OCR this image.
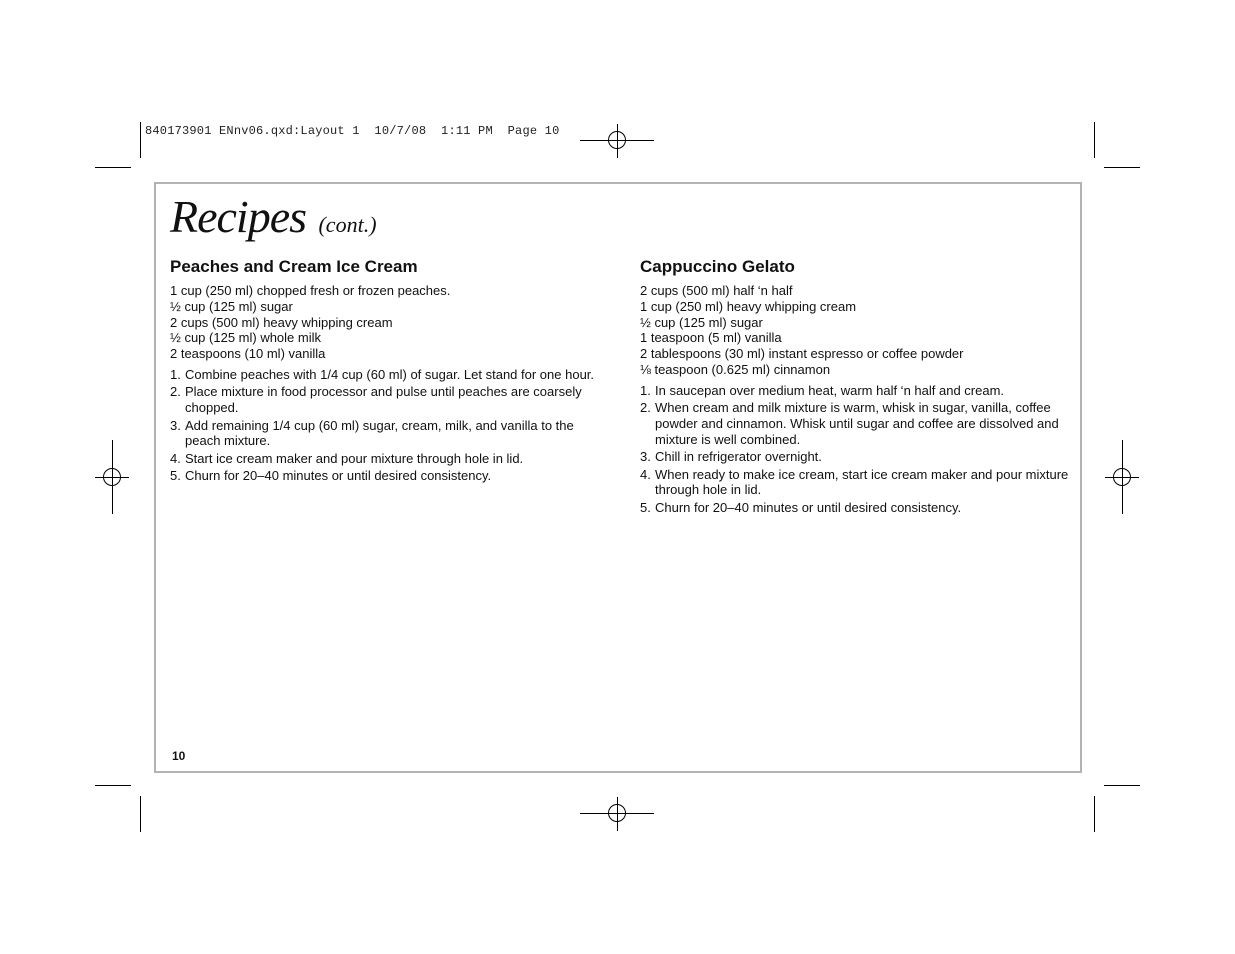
840173901 ENnv06.qxd:Layout 1  10/7/08  1:11 PM  Page 10
Recipes (cont.)
Peaches and Cream Ice Cream
1 cup (250 ml) chopped fresh or frozen peaches.
½ cup (125 ml) sugar
2 cups (500 ml) heavy whipping cream
½ cup (125 ml) whole milk
2 teaspoons (10 ml) vanilla
1. Combine peaches with 1/4 cup (60 ml) of sugar. Let stand for one hour.
2. Place mixture in food processor and pulse until peaches are coarsely chopped.
3. Add remaining 1/4 cup (60 ml) sugar, cream, milk, and vanilla to the peach mixture.
4. Start ice cream maker and pour mixture through hole in lid.
5. Churn for 20–40 minutes or until desired consistency.
Cappuccino Gelato
2 cups (500 ml) half ‘n half
1 cup (250 ml) heavy whipping cream
½ cup (125 ml) sugar
1 teaspoon (5 ml) vanilla
2 tablespoons (30 ml) instant espresso or coffee powder
⅛ teaspoon (0.625 ml) cinnamon
1. In saucepan over medium heat, warm half ‘n half and cream.
2. When cream and milk mixture is warm, whisk in sugar, vanilla, coffee powder and cinnamon. Whisk until sugar and coffee are dissolved and mixture is well combined.
3. Chill in refrigerator overnight.
4. When ready to make ice cream, start ice cream maker and pour mixture through hole in lid.
5. Churn for 20–40 minutes or until desired consistency.
10
